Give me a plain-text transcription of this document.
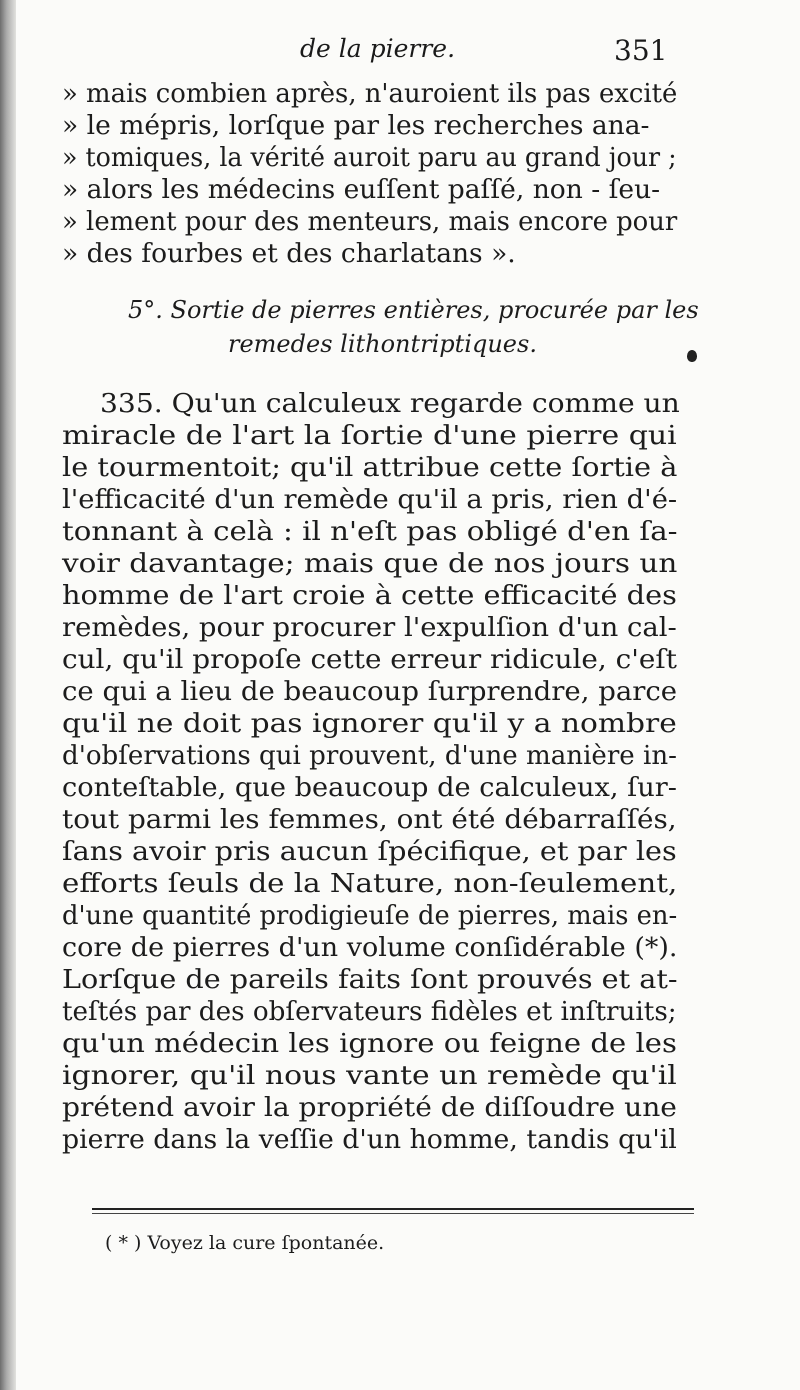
de la pierre.	351
» mais combien après, n'auroient ils pas excité
» le mépris, lorſque par les recherches ana-
» tomiques, la vérité auroit paru au grand jour ;
» alors les médecins euſſent paſſé, non - ſeu-
» lement pour des menteurs, mais encore pour
» des fourbes et des charlatans ».
5°. Sortie de pierres entières, procurée par les
remedes lithontriptiques.
335. Qu'un calculeux regarde comme un
miracle de l'art la ſortie d'une pierre qui
le tourmentoit; qu'il attribue cette ſortie à
l'efficacité d'un remède qu'il a pris, rien d'é-
tonnant à celà : il n'eſt pas obligé d'en ſa-
voir davantage; mais que de nos jours un
homme de l'art croie à cette efficacité des
remèdes, pour procurer l'expulſion d'un cal-
cul, qu'il propoſe cette erreur ridicule, c'eſt
ce qui a lieu de beaucoup ſurprendre, parce
qu'il ne doit pas ignorer qu'il y a nombre
d'obſervations qui prouvent, d'une manière in-
conteſtable, que beaucoup de calculeux, ſur-
tout parmi les femmes, ont été débarraſſés,
ſans avoir pris aucun ſpécifique, et par les
efforts ſeuls de la Nature, non-ſeulement,
d'une quantité prodigieuſe de pierres, mais en-
core de pierres d'un volume conſidérable (*).
Lorſque de pareils faits ſont prouvés et at-
teſtés par des obſervateurs fidèles et inſtruits;
qu'un médecin les ignore ou feigne de les
ignorer, qu'il nous vante un remède qu'il
prétend avoir la propriété de diſſoudre une
pierre dans la veſſie d'un homme, tandis qu'il
( * ) Voyez la cure ſpontanée.
